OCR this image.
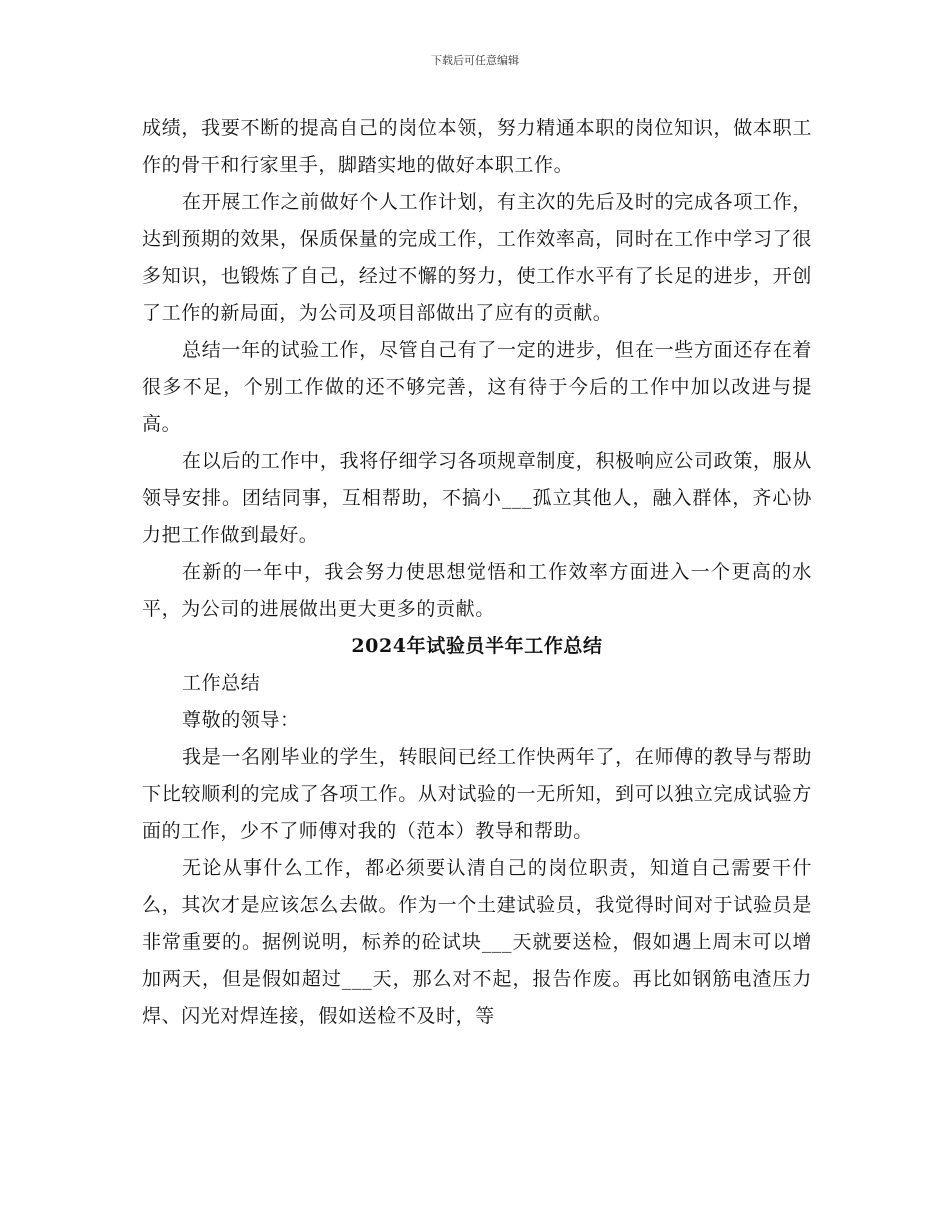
下载后可任意编辑

成绩，我要不断的提高自己的岗位本领，努力精通本职的岗位知识，做本职工作的骨干和行家里手，脚踏实地的做好本职工作。

在开展工作之前做好个人工作计划，有主次的先后及时的完成各项工作，达到预期的效果，保质保量的完成工作，工作效率高，同时在工作中学习了很多知识，也锻炼了自己，经过不懈的努力，使工作水平有了长足的进步，开创了工作的新局面，为公司及项目部做出了应有的贡献。

总结一年的试验工作，尽管自己有了一定的进步，但在一些方面还存在着很多不足，个别工作做的还不够完善，这有待于今后的工作中加以改进与提高。

在以后的工作中，我将仔细学习各项规章制度，积极响应公司政策，服从领导安排。团结同事，互相帮助，不搞小___孤立其他人，融入群体，齐心协力把工作做到最好。

在新的一年中，我会努力使思想觉悟和工作效率方面进入一个更高的水平，为公司的进展做出更大更多的贡献。

2024年试验员半年工作总结

工作总结

尊敬的领导：

我是一名刚毕业的学生，转眼间已经工作快两年了，在师傅的教导与帮助下比较顺利的完成了各项工作。从对试验的一无所知，到可以独立完成试验方面的工作，少不了师傅对我的（范本）教导和帮助。

无论从事什么工作，都必须要认清自己的岗位职责，知道自己需要干什么，其次才是应该怎么去做。作为一个土建试验员，我觉得时间对于试验员是非常重要的。据例说明，标养的砼试块___天就要送检，假如遇上周末可以增加两天，但是假如超过___天，那么对不起，报告作废。再比如钢筋电渣压力焊、闪光对焊连接，假如送检不及时，等
